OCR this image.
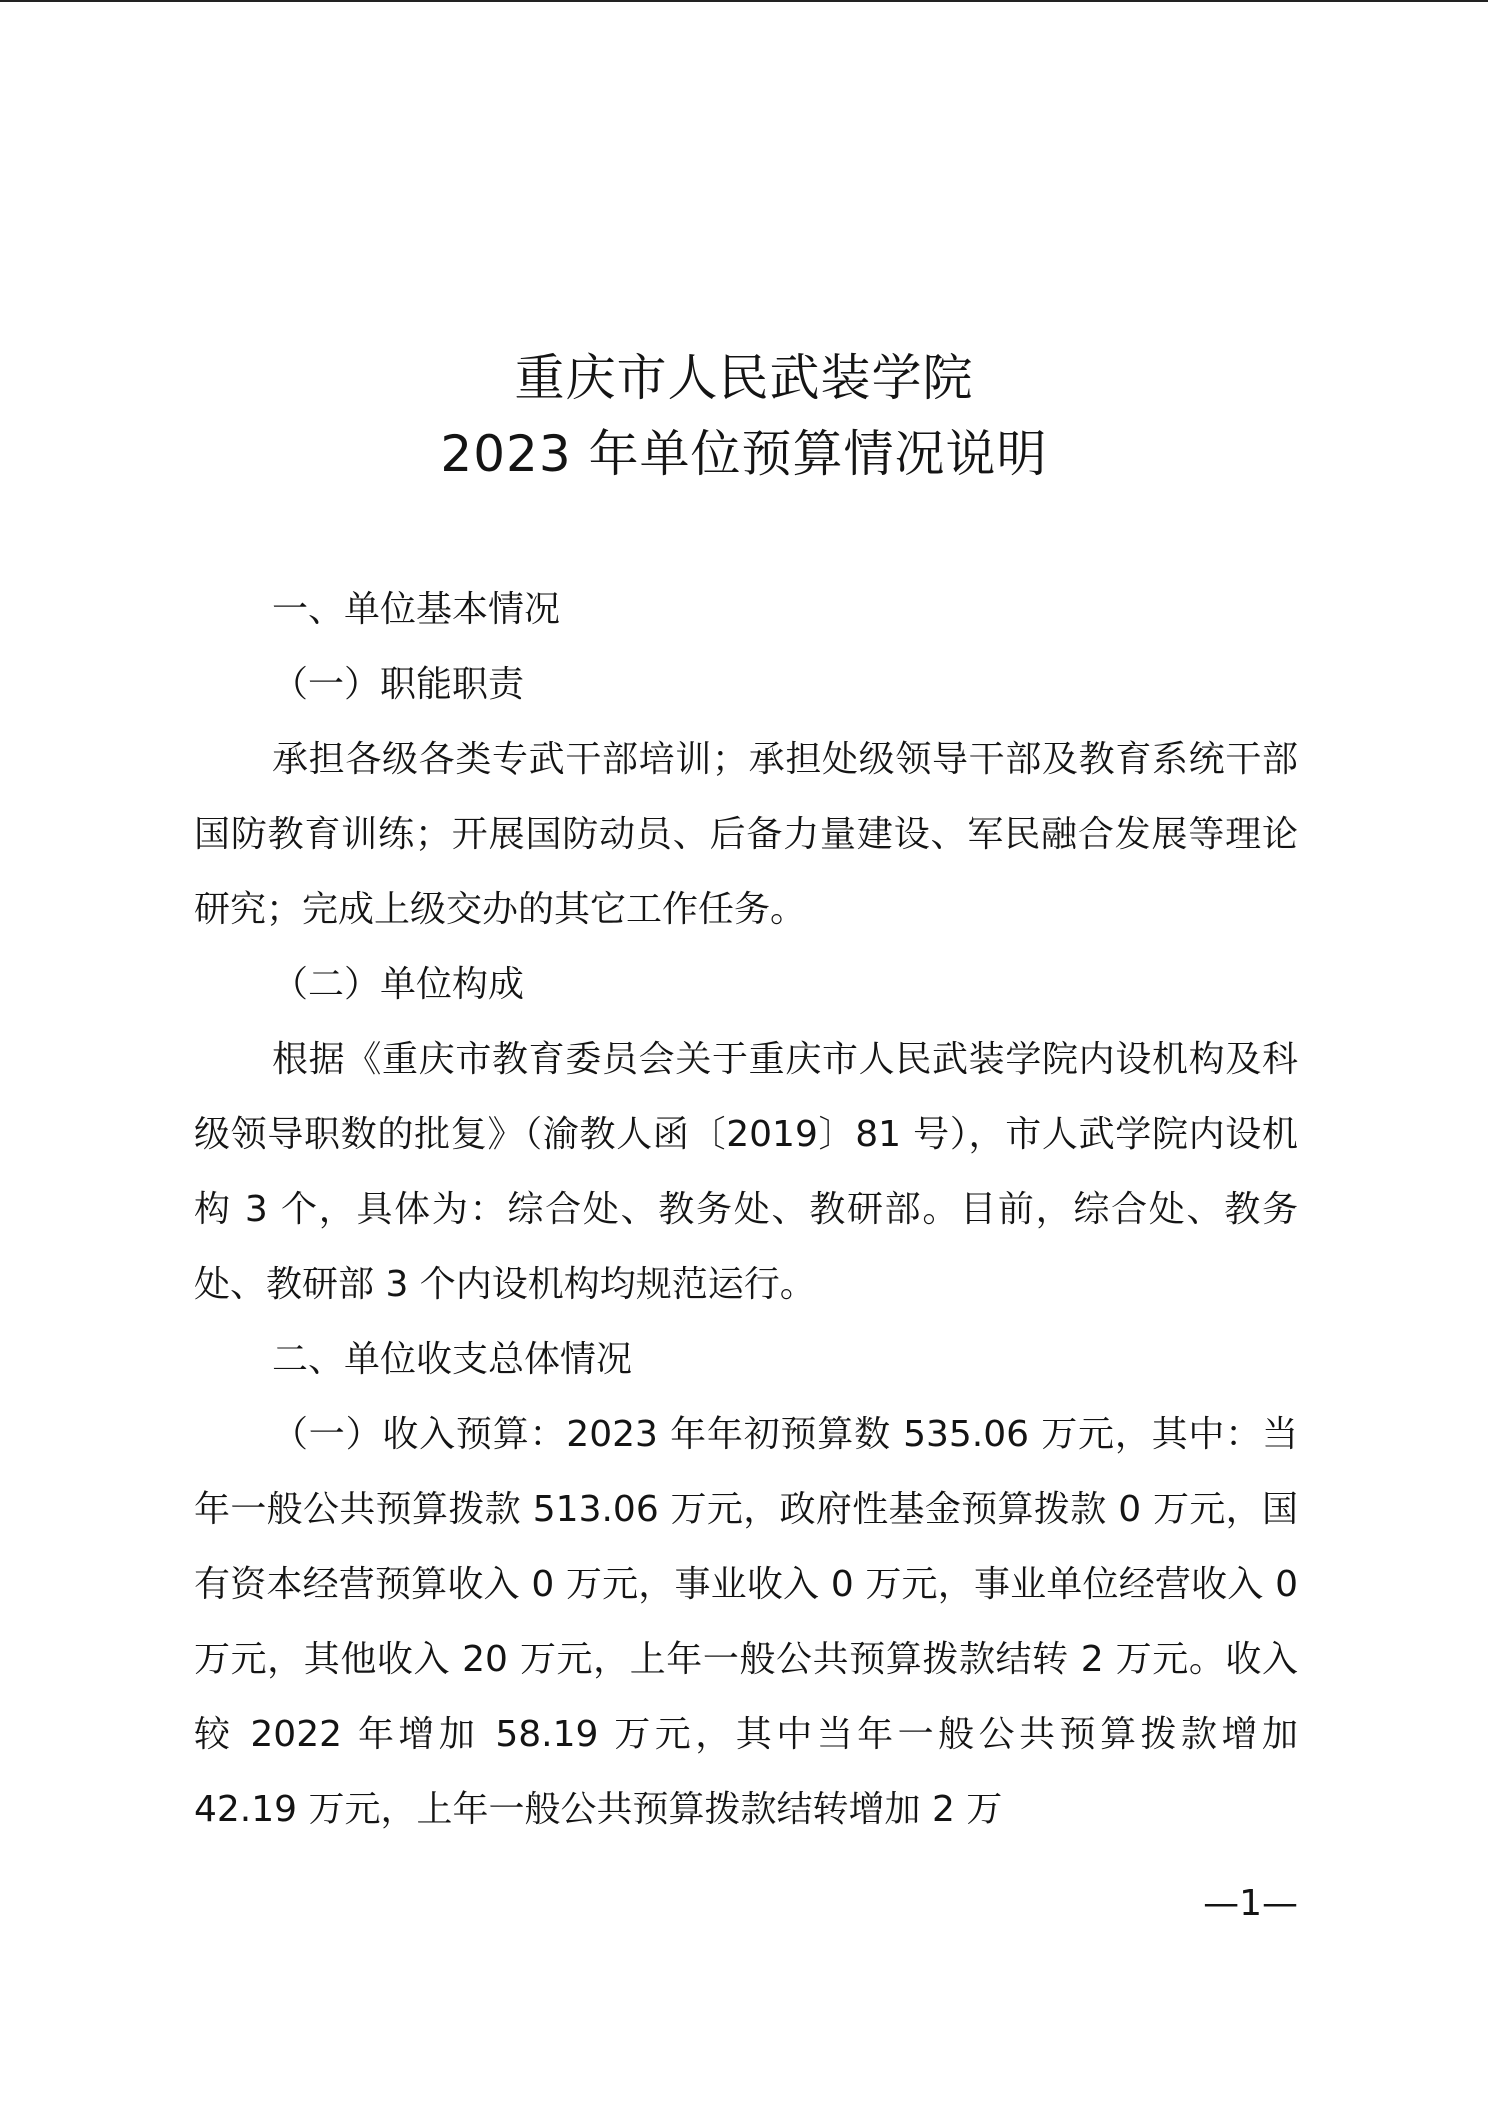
重庆市人民武装学院
2023 年单位预算情况说明

一、单位基本情况

（一）职能职责

承担各级各类专武干部培训；承担处级领导干部及教育系统干部国防教育训练；开展国防动员、后备力量建设、军民融合发展等理论研究；完成上级交办的其它工作任务。

（二）单位构成

根据《重庆市教育委员会关于重庆市人民武装学院内设机构及科级领导职数的批复》（渝教人函〔2019〕81 号），市人武学院内设机构 3 个，具体为：综合处、教务处、教研部。目前，综合处、教务处、教研部 3 个内设机构均规范运行。

二、单位收支总体情况

（一）收入预算：2023 年年初预算数 535.06 万元，其中：当年一般公共预算拨款 513.06 万元，政府性基金预算拨款 0 万元，国有资本经营预算收入 0 万元，事业收入 0 万元，事业单位经营收入 0 万元，其他收入 20 万元，上年一般公共预算拨款结转 2 万元。收入较 2022 年增加 58.19 万元，其中当年一般公共预算拨款增加 42.19 万元，上年一般公共预算拨款结转增加 2 万

—1—
